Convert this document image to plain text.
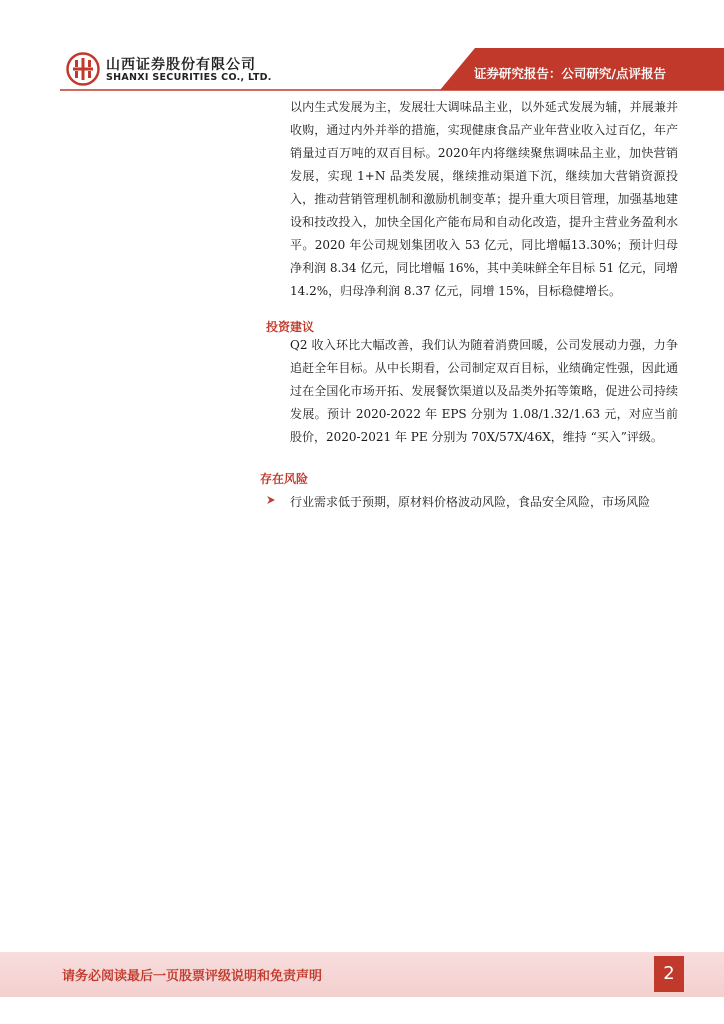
山西证券股份有限公司
SHANXI SECURITIES CO., LTD.	证券研究报告：公司研究/点评报告

以内生式发展为主，发展壮大调味品主业，以外延式发展为辅，并展兼并收购，通过内外并举的措施，实现健康食品产业年营业收入过百亿，年产销量过百万吨的双百目标。2020年内将继续聚焦调味品主业，加快营销发展，实现 1+N 品类发展，继续推动渠道下沉，继续加大营销资源投入，推动营销管理机制和激励机制变革；提升重大项目管理，加强基地建设和技改投入，加快全国化产能布局和自动化改造，提升主营业务盈利水平。2020 年公司规划集团收入 53 亿元，同比增幅13.30%；预计归母净利润 8.34 亿元，同比增幅 16%，其中美味鲜全年目标 51 亿元，同增 14.2%，归母净利润 8.37 亿元，同增 15%，目标稳健增长。

投资建议

Q2 收入环比大幅改善，我们认为随着消费回暖，公司发展动力强，力争追赶全年目标。从中长期看，公司制定双百目标，业绩确定性强，因此通过在全国化市场开拓、发展餐饮渠道以及品类外拓等策略，促进公司持续发展。预计 2020-2022 年 EPS 分别为 1.08/1.32/1.63 元，对应当前股价，2020-2021 年 PE 分别为 70X/57X/46X，维持 “买入”评级。

存在风险
行业需求低于预期，原材料价格波动风险，食品安全风险，市场风险
请务必阅读最后一页股票评级说明和免责声明	2
